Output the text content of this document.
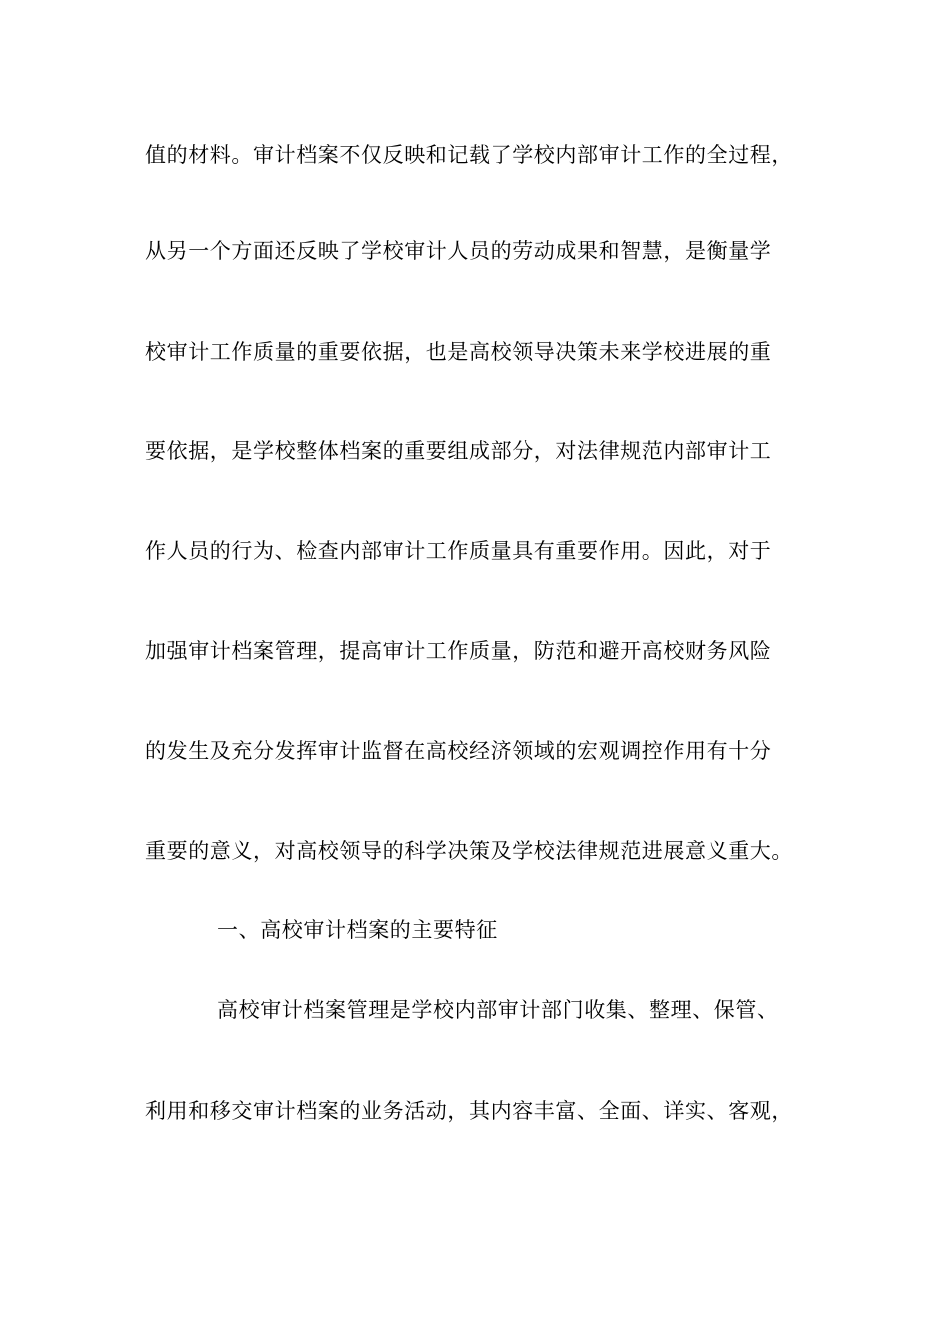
值的材料。审计档案不仅反映和记载了学校内部审计工作的全过程，
从另一个方面还反映了学校审计人员的劳动成果和智慧，是衡量学
校审计工作质量的重要依据，也是高校领导决策未来学校进展的重
要依据，是学校整体档案的重要组成部分，对法律规范内部审计工
作人员的行为、检查内部审计工作质量具有重要作用。因此，对于
加强审计档案管理，提高审计工作质量，防范和避开高校财务风险
的发生及充分发挥审计监督在高校经济领域的宏观调控作用有十分
重要的意义，对高校领导的科学决策及学校法律规范进展意义重大。
一、高校审计档案的主要特征
高校审计档案管理是学校内部审计部门收集、整理、保管、
利用和移交审计档案的业务活动，其内容丰富、全面、详实、客观，
